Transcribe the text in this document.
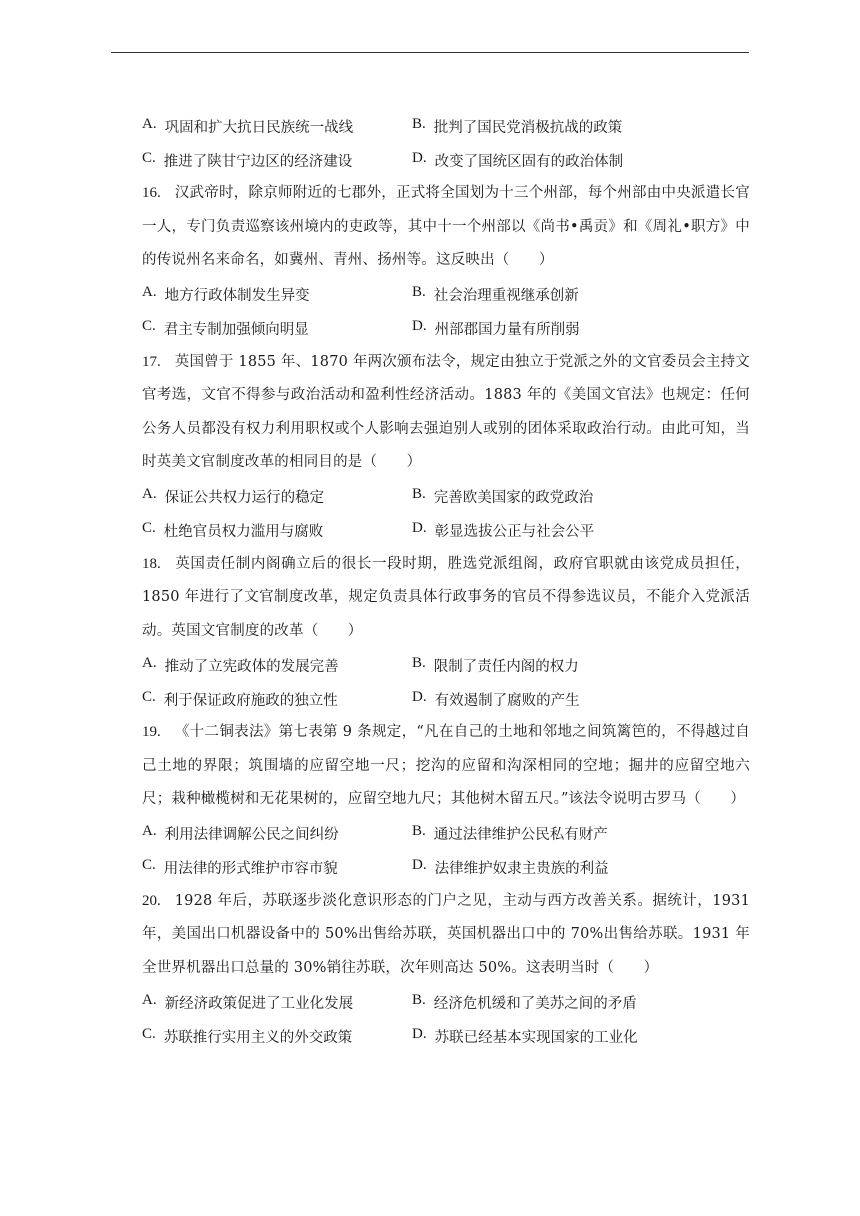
A. 巩固和扩大抗日民族统一战线	B. 批判了国民党消极抗战的政策
C. 推进了陕甘宁边区的经济建设	D. 改变了国统区固有的政治体制
16. 汉武帝时，除京师附近的七郡外，正式将全国划为十三个州部，每个州部由中央派遣长官一人，专门负责巡察该州境内的吏政等，其中十一个州部以《尚书•禹贡》和《周礼•职方》中的传说州名来命名，如冀州、青州、扬州等。这反映出（　　）
A. 地方行政体制发生异变	B. 社会治理重视继承创新
C. 君主专制加强倾向明显	D. 州部郡国力量有所削弱
17. 英国曾于 1855 年、1870 年两次颁布法令，规定由独立于党派之外的文官委员会主持文官考选，文官不得参与政治活动和盈利性经济活动。1883 年的《美国文官法》也规定：任何公务人员都没有权力利用职权或个人影响去强迫别人或别的团体采取政治行动。由此可知，当时英美文官制度改革的相同目的是（　　）
A. 保证公共权力运行的稳定	B. 完善欧美国家的政党政治
C. 杜绝官员权力滥用与腐败	D. 彰显选拔公正与社会公平
18. 英国责任制内阁确立后的很长一段时期，胜选党派组阁，政府官职就由该党成员担任，1850 年进行了文官制度改革，规定负责具体行政事务的官员不得参选议员，不能介入党派活动。英国文官制度的改革（　　）
A. 推动了立宪政体的发展完善	B. 限制了责任内阁的权力
C. 利于保证政府施政的独立性	D. 有效遏制了腐败的产生
19. 《十二铜表法》第七表第 9 条规定，“凡在自己的土地和邻地之间筑篱笆的，不得越过自己土地的界限；筑围墙的应留空地一尺；挖沟的应留和沟深相同的空地；掘井的应留空地六尺；栽种橄榄树和无花果树的，应留空地九尺；其他树木留五尺。”该法令说明古罗马（　　）
A. 利用法律调解公民之间纠纷	B. 通过法律维护公民私有财产
C. 用法律的形式维护市容市貌	D. 法律维护奴隶主贵族的利益
20. 1928 年后，苏联逐步淡化意识形态的门户之见，主动与西方改善关系。据统计，1931年，美国出口机器设备中的 50%出售给苏联，英国机器出口中的 70%出售给苏联。1931 年全世界机器出口总量的 30%销往苏联，次年则高达 50%。这表明当时（　　）
A. 新经济政策促进了工业化发展	B. 经济危机缓和了美苏之间的矛盾
C. 苏联推行实用主义的外交政策	D. 苏联已经基本实现国家的工业化
